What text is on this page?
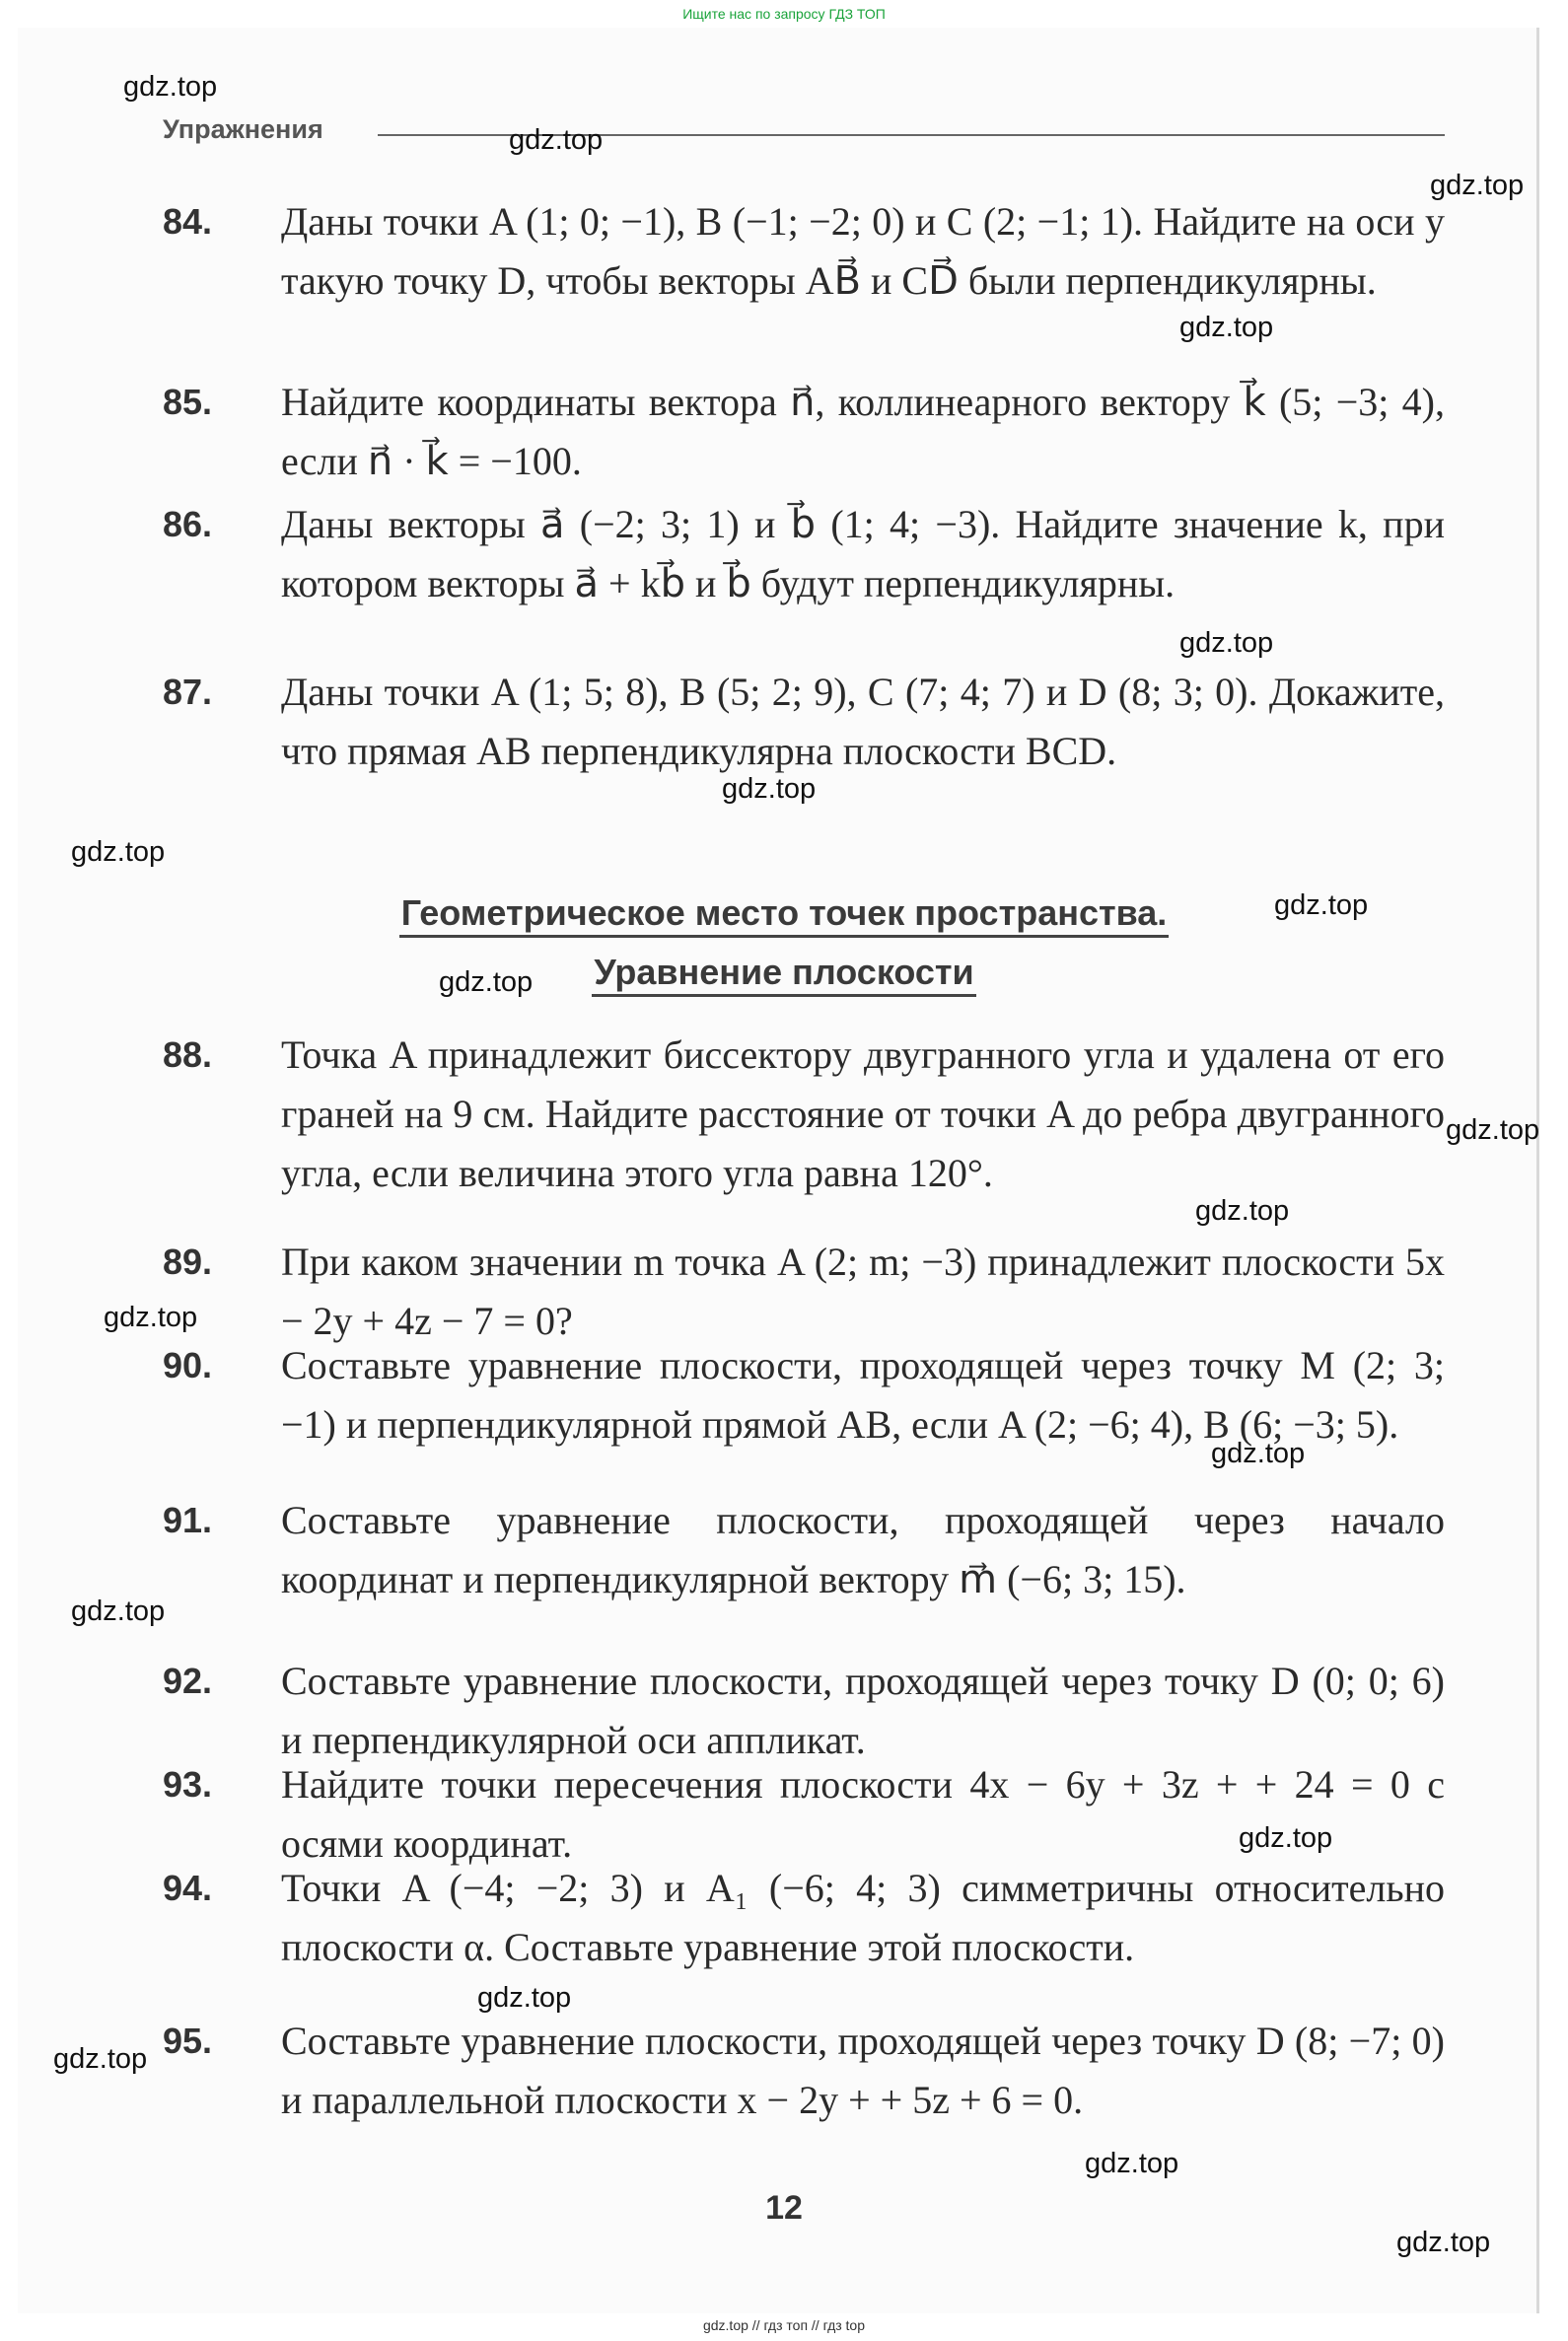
Ищите нас по запросу ГДЗ ТОП
Упражнения
84. Даны точки A (1; 0; −1), B (−1; −2; 0) и C (2; −1; 1). Найдите на оси y такую точку D, чтобы векторы AB⃗ и CD⃗ были перпендикулярны.
85. Найдите координаты вектора n⃗, коллинеарного вектору k⃗ (5; −3; 4), если n⃗ · k⃗ = −100.
86. Даны векторы a⃗ (−2; 3; 1) и b⃗ (1; 4; −3). Найдите значение k, при котором векторы a⃗ + kb⃗ и b⃗ будут перпендикулярны.
87. Даны точки A (1; 5; 8), B (5; 2; 9), C (7; 4; 7) и D (8; 3; 0). Докажите, что прямая AB перпендикулярна плоскости BCD.
Геометрическое место точек пространства.
Уравнение плоскости
88. Точка A принадлежит биссектору двугранного угла и удалена от его граней на 9 см. Найдите расстояние от точки A до ребра двугранного угла, если величина этого угла равна 120°.
89. При каком значении m точка A (2; m; −3) принадлежит плоскости 5x − 2y + 4z − 7 = 0?
90. Составьте уравнение плоскости, проходящей через точку M (2; 3; −1) и перпендикулярной прямой AB, если A (2; −6; 4), B (6; −3; 5).
91. Составьте уравнение плоскости, проходящей через начало координат и перпендикулярной вектору m⃗ (−6; 3; 15).
92. Составьте уравнение плоскости, проходящей через точку D (0; 0; 6) и перпендикулярной оси аппликат.
93. Найдите точки пересечения плоскости 4x − 6y + 3z + + 24 = 0 с осями координат.
94. Точки A (−4; −2; 3) и A₁ (−6; 4; 3) симметричны относительно плоскости α. Составьте уравнение этой плоскости.
95. Составьте уравнение плоскости, проходящей через точку D (8; −7; 0) и параллельной плоскости x − 2y + + 5z + 6 = 0.
12
gdz.top
gdz.top
gdz.top
gdz.top
gdz.top
gdz.top
gdz.top
gdz.top
gdz.top
gdz.top
gdz.top
gdz.top
gdz.top
gdz.top
gdz.top
gdz.top
gdz.top
gdz.top
gdz.top
gdz.top // гдз топ // гдз top
